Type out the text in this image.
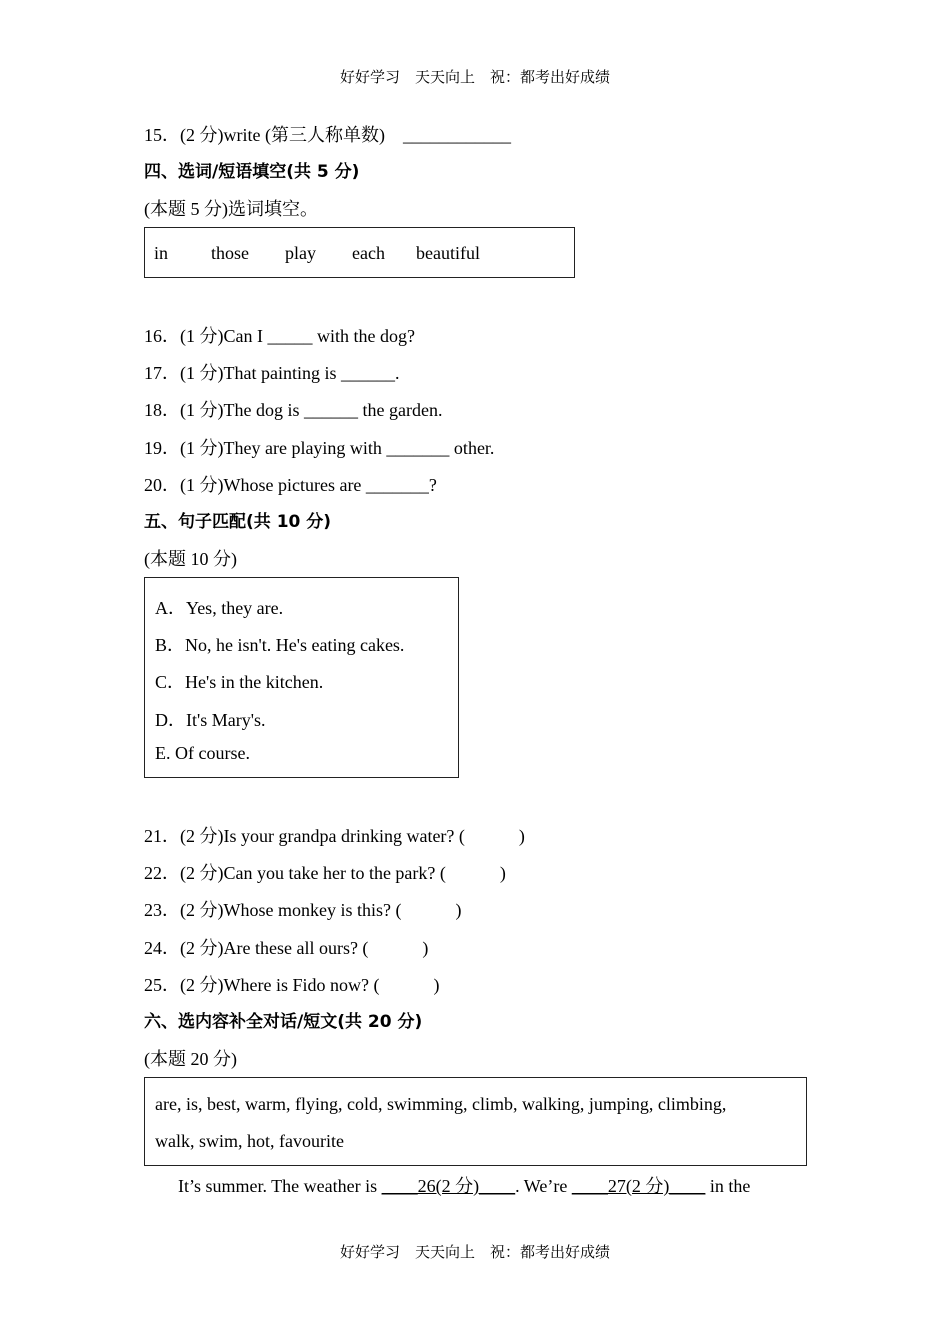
好好学习　天天向上　祝：都考出好成绩
15．(2 分)write (第三人称单数)　____________
四、选词/短语填空(共 5 分)
(本题 5 分)选词填空。
in those play each beautiful
16．(1 分)Can I _____ with the dog?
17．(1 分)That painting is ______.
18．(1 分)The dog is ______ the garden.
19．(1 分)They are playing with _______ other.
20．(1 分)Whose pictures are _______?
五、句子匹配(共 10 分)
(本题 10 分)
A．Yes, they are.
B．No, he isn't. He's eating cakes.
C．He's in the kitchen.
D．It's Mary's.
E. Of course.
21．(2 分)Is your grandpa drinking water? (　　　)
22．(2 分)Can you take her to the park? (　　　)
23．(2 分)Whose monkey is this? (　　　)
24．(2 分)Are these all ours? (　　　)
25．(2 分)Where is Fido now? (　　　)
六、选内容补全对话/短文(共 20 分)
(本题 20 分)
are, is, best, warm, flying, cold, swimming, climb, walking, jumping, climbing,
walk, swim, hot, favourite
It’s summer. The weather is ____26(2 分)____. We’re ____27(2 分)____ in the
好好学习　天天向上　祝：都考出好成绩
